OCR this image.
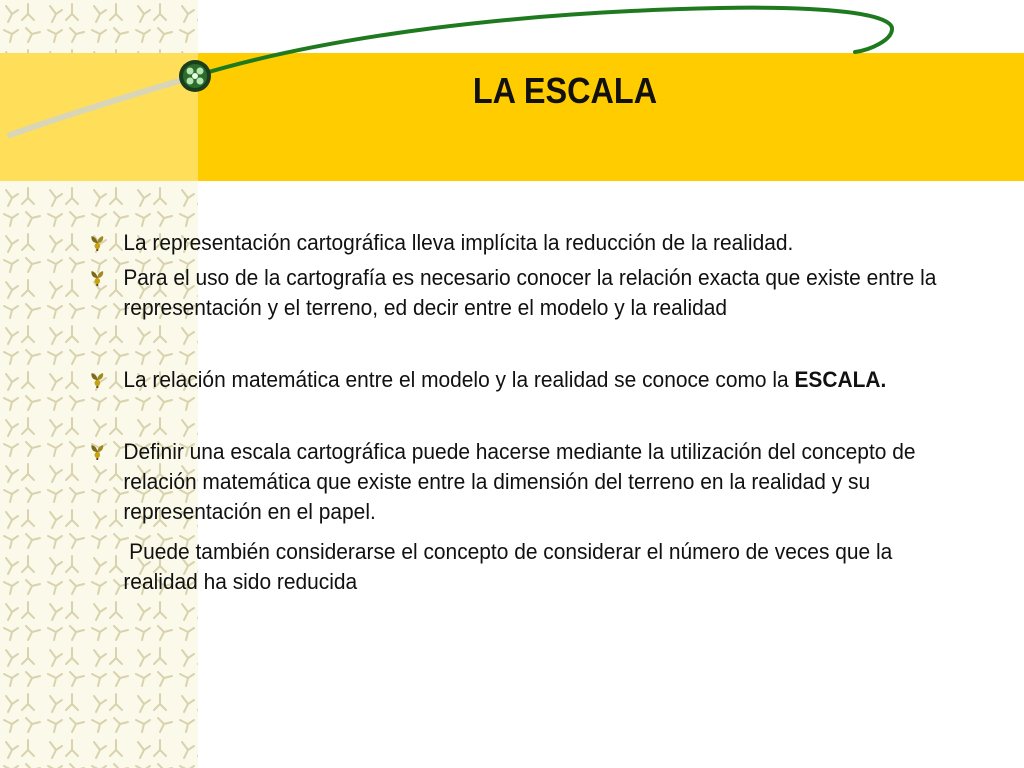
LA ESCALA
La representación cartográfica lleva implícita la reducción de la realidad.
Para el uso de la cartografía es necesario conocer la relación exacta que existe entre la representación y el terreno, ed decir entre el modelo y la realidad
La relación matemática entre el modelo y la realidad se conoce como la ESCALA.
Definir una escala cartográfica puede hacerse mediante la utilización del concepto de relación matemática que existe entre la dimensión del terreno en la realidad y su representación en el papel.
Puede también considerarse el concepto de considerar el número de veces que la realidad ha sido reducida
